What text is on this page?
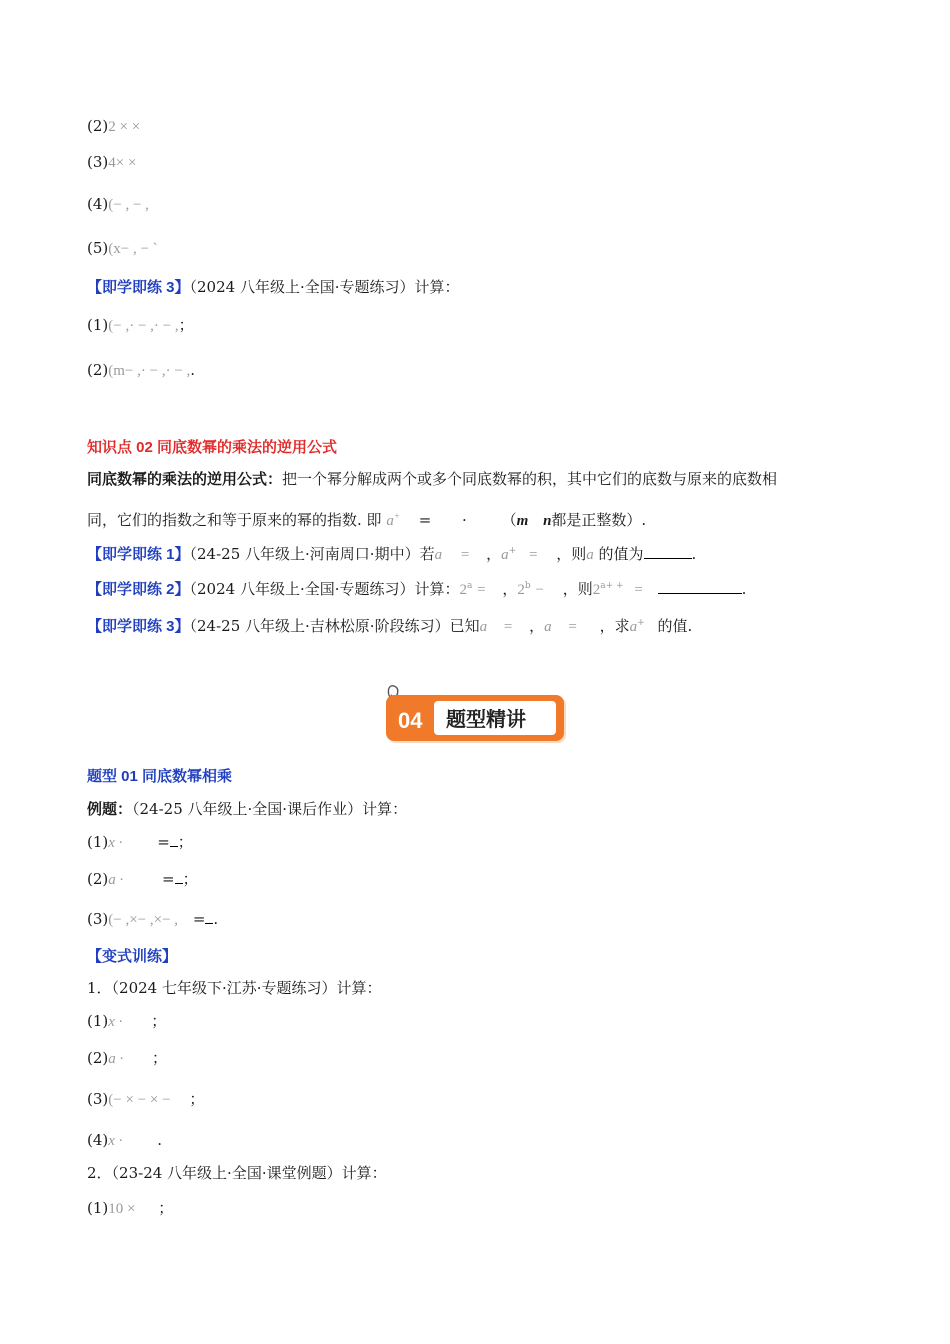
(2)2 × ×
(3)4× ×
(4)(− , − ,
(5)(x− , − `
【即学即练 3】（2024 八年级上·全国·专题练习）计算：
(1)(− ,· − ,· − ,；
(2)(m− ,· − ,· − ,.
知识点 02 同底数幂的乘法的逆用公式
同底数幂的乘法的逆用公式：把一个幂分解成两个或多个同底数幂的积，其中它们的底数与原来的底数相
同，它们的指数之和等于原来的幂的指数. 即 a+ = · （m n都是正整数）.
【即学即练 1】（24-25 八年级上·河南周口·期中）若a = ，a+ = ，则a 的值为	.
【即学即练 2】（2024 八年级上·全国·专题练习）计算：$2^a$ = ，$2^b$ − ，则$2^{a+ +}$ =	.
【即学即练 3】（24-25 八年级上·吉林松原·阶段练习）已知a = ，a = ，求a+ 的值.
04 题型精讲
题型 01 同底数幂相乘
例题：（24-25 八年级上·全国·课后作业）计算：
(1)x · = ；
(2)a ·	= ；
(3)(− ,×− ,×− , = .
【变式训练】
1．（2024 七年级下·江苏·专题练习）计算：
(1)x · ；
(2)a · ；
(3)(− × − × − ；
(4)x · .
2．（23-24 八年级上·全国·课堂例题）计算：
(1)10 × ；
